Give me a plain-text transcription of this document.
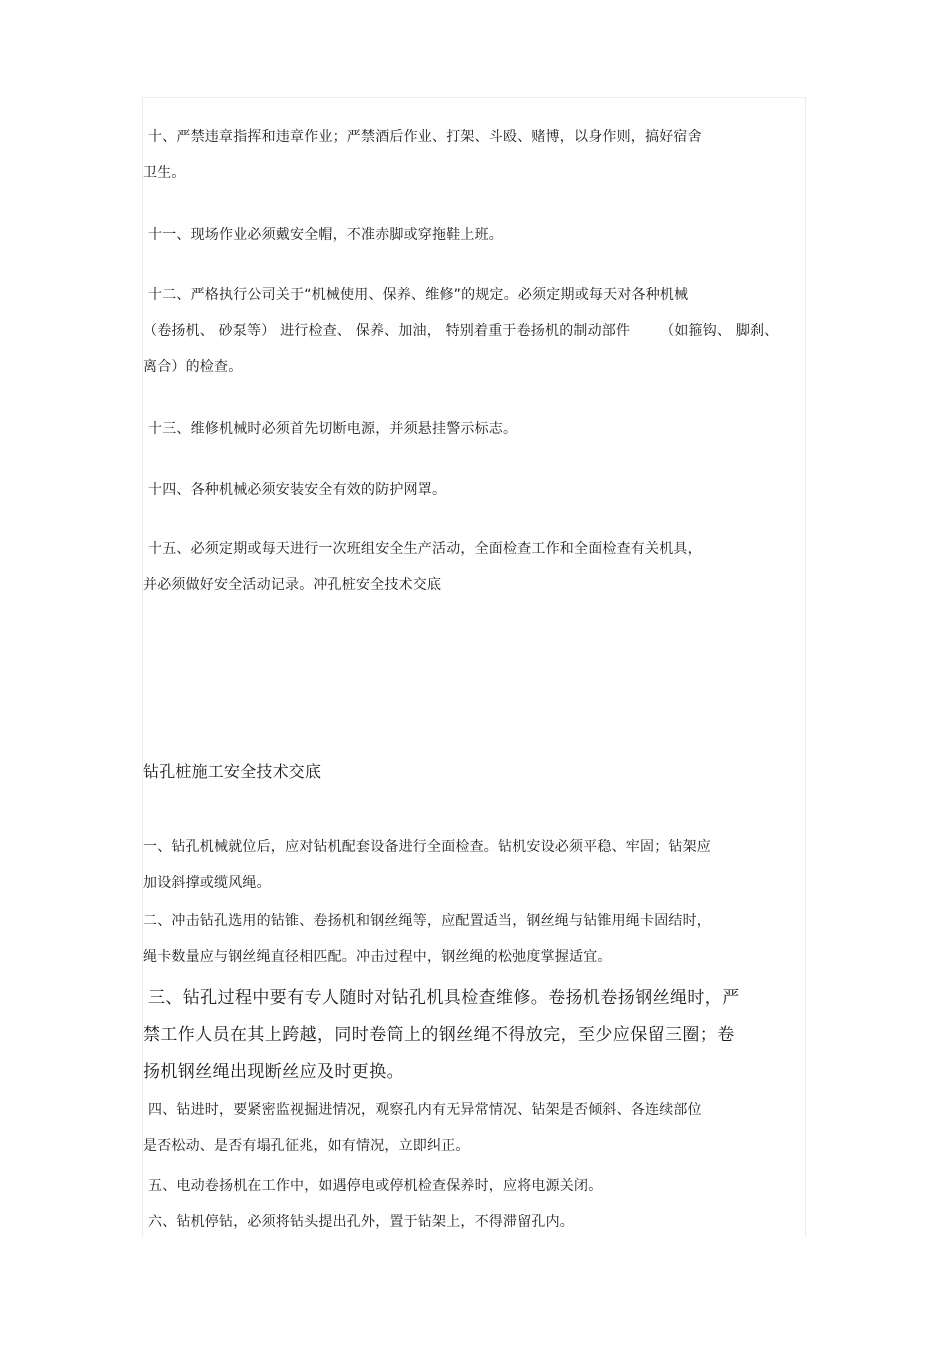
十、严禁违章指挥和违章作业；严禁酒后作业、打架、斗殴、赌博，以身作则，搞好宿舍
卫生。
十一、现场作业必须戴安全帽，不准赤脚或穿拖鞋上班。
十二、严格执行公司关于“机械使用、保养、维修”的规定。必须定期或每天对各种机械
（卷扬机、 砂泵等） 进行检查、 保养、加油， 特别着重于卷扬机的制动部件 （如箍钩、 脚刹、
离合）的检查。
十三、维修机械时必须首先切断电源，并须悬挂警示标志。
十四、各种机械必须安装安全有效的防护网罩。
十五、必须定期或每天进行一次班组安全生产活动，全面检查工作和全面检查有关机具，
并必须做好安全活动记录。冲孔桩安全技术交底
钻孔桩施工安全技术交底
一、钻孔机械就位后，应对钻机配套设备进行全面检查。钻机安设必须平稳、牢固；钻架应
加设斜撑或缆风绳。
二、冲击钻孔选用的钻锥、卷扬机和钢丝绳等，应配置适当，钢丝绳与钻锥用绳卡固结时，
绳卡数量应与钢丝绳直径相匹配。冲击过程中，钢丝绳的松弛度掌握适宜。
三、钻孔过程中要有专人随时对钻孔机具检查维修。卷扬机卷扬钢丝绳时，严
禁工作人员在其上跨越，同时卷筒上的钢丝绳不得放完，至少应保留三圈；卷
扬机钢丝绳出现断丝应及时更换。
四、钻进时，要紧密监视掘进情况，观察孔内有无异常情况、钻架是否倾斜、各连续部位
是否松动、是否有塌孔征兆，如有情况，立即纠正。
五、电动卷扬机在工作中，如遇停电或停机检查保养时，应将电源关闭。
六、钻机停钻，必须将钻头提出孔外，置于钻架上，不得滞留孔内。
